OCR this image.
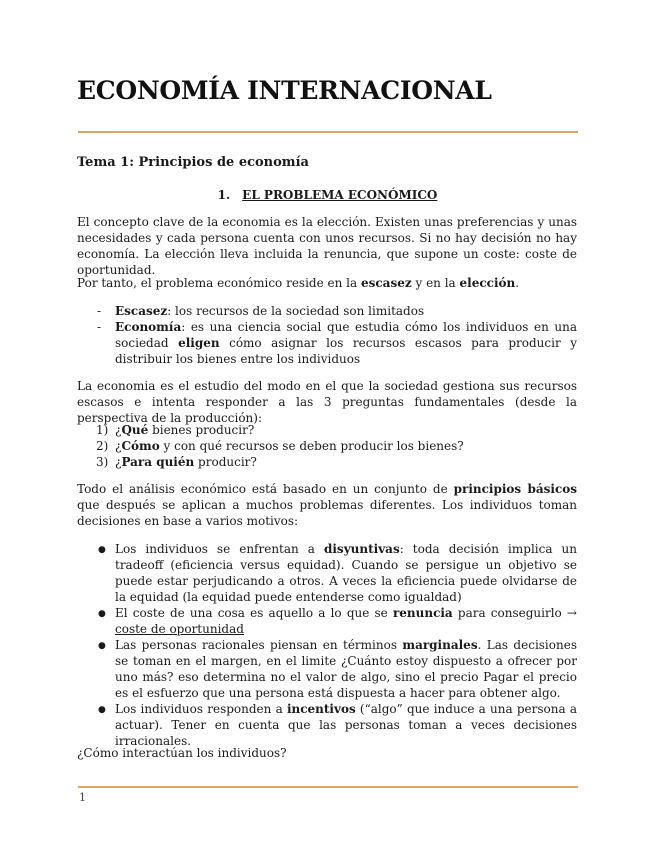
ECONOMÍA INTERNACIONAL
Tema 1: Principios de economía
1. EL PROBLEMA ECONÓMICO

El concepto clave de la economia es la elección. Existen unas preferencias y unas necesidades y cada persona cuenta con unos recursos. Si no hay decisión no hay economía. La elección lleva incluida la renuncia, que supone un coste: coste de oportunidad.

Por tanto, el problema económico reside en la escasez y en la elección.

- Escasez: los recursos de la sociedad son limitados
- Economía: es una ciencia social que estudia cómo los individuos en una sociedad eligen cómo asignar los recursos escasos para producir y distribuir los bienes entre los individuos

La economia es el estudio del modo en el que la sociedad gestiona sus recursos escasos e intenta responder a las 3 preguntas fundamentales (desde la perspectiva de la producción):

1) ¿Qué bienes producir?
2) ¿Cómo y con qué recursos se deben producir los bienes?
3) ¿Para quién producir?

Todo el análisis económico está basado en un conjunto de principios básicos que después se aplican a muchos problemas diferentes. Los individuos toman decisiones en base a varios motivos:

● Los individuos se enfrentan a disyuntivas: toda decisión implica un tradeoff (eficiencia versus equidad). Cuando se persigue un objetivo se puede estar perjudicando a otros. A veces la eficiencia puede olvidarse de la equidad (la equidad puede entenderse como igualdad)
● El coste de una cosa es aquello a lo que se renuncia para conseguirlo → coste de oportunidad
● Las personas racionales piensan en términos marginales. Las decisiones se toman en el margen, en el limite ¿Cuánto estoy dispuesto a ofrecer por uno más? eso determina no el valor de algo, sino el precio Pagar el precio es el esfuerzo que una persona está dispuesta a hacer para obtener algo.
● Los individuos responden a incentivos (“algo” que induce a una persona a actuar). Tener en cuenta que las personas toman a veces decisiones irracionales.

¿Cómo interactúan los individuos?

1
